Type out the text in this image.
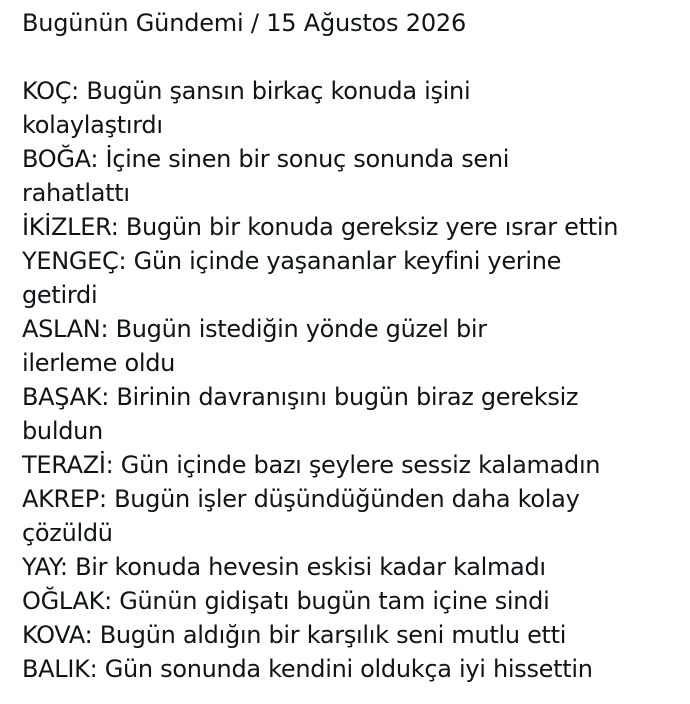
Bugünün Gündemi / 15 Ağustos 2026

KOÇ: Bugün şansın birkaç konuda işini kolaylaştırdı
BOĞA: İçine sinen bir sonuç sonunda seni rahatlattı
İKİZLER: Bugün bir konuda gereksiz yere ısrar ettin
YENGEÇ: Gün içinde yaşananlar keyfini yerine getirdi
ASLAN: Bugün istediğin yönde güzel bir ilerleme oldu
BAŞAK: Birinin davranışını bugün biraz gereksiz buldun
TERAZİ: Gün içinde bazı şeylere sessiz kalamadın
AKREP: Bugün işler düşündüğünden daha kolay çözüldü
YAY: Bir konuda hevesin eskisi kadar kalmadı
OĞLAK: Günün gidişatı bugün tam içine sindi
KOVA: Bugün aldığın bir karşılık seni mutlu etti
BALIK: Gün sonunda kendini oldukça iyi hissettin
